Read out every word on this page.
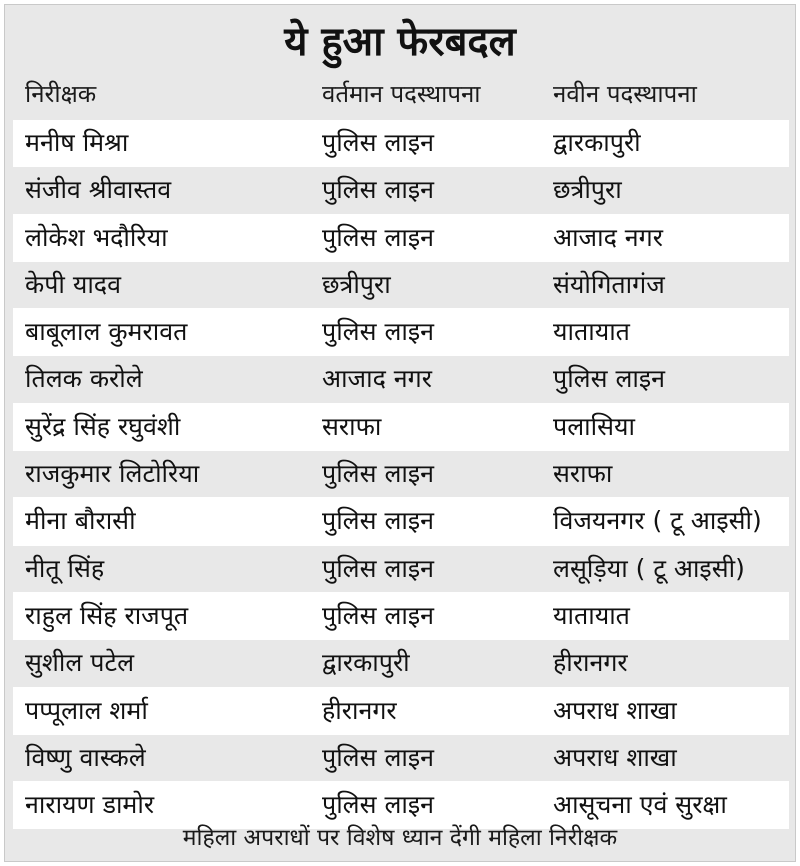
ये हुआ फेरबदल
निरीक्षक	वर्तमान पदस्थापना	नवीन पदस्थापना
मनीष मिश्रा	पुलिस लाइन	द्वारकापुरी
संजीव श्रीवास्तव	पुलिस लाइन	छत्रीपुरा
लोकेश भदौरिया	पुलिस लाइन	आजाद नगर
केपी यादव	छत्रीपुरा	संयोगितागंज
बाबूलाल कुमरावत	पुलिस लाइन	यातायात
तिलक करोले	आजाद नगर	पुलिस लाइन
सुरेंद्र सिंह रघुवंशी	सराफा	पलासिया
राजकुमार लिटोरिया	पुलिस लाइन	सराफा
मीना बौरासी	पुलिस लाइन	विजयनगर ( टू आइसी)
नीतू सिंह	पुलिस लाइन	लसूड़िया ( टू आइसी)
राहुल सिंह राजपूत	पुलिस लाइन	यातायात
सुशील पटेल	द्वारकापुरी	हीरानगर
पप्पूलाल शर्मा	हीरानगर	अपराध शाखा
विष्णु वास्कले	पुलिस लाइन	अपराध शाखा
नारायण डामोर	पुलिस लाइन	आसूचना एवं सुरक्षा
महिला अपराधों पर विशेष ध्यान देंगी महिला निरीक्षक
